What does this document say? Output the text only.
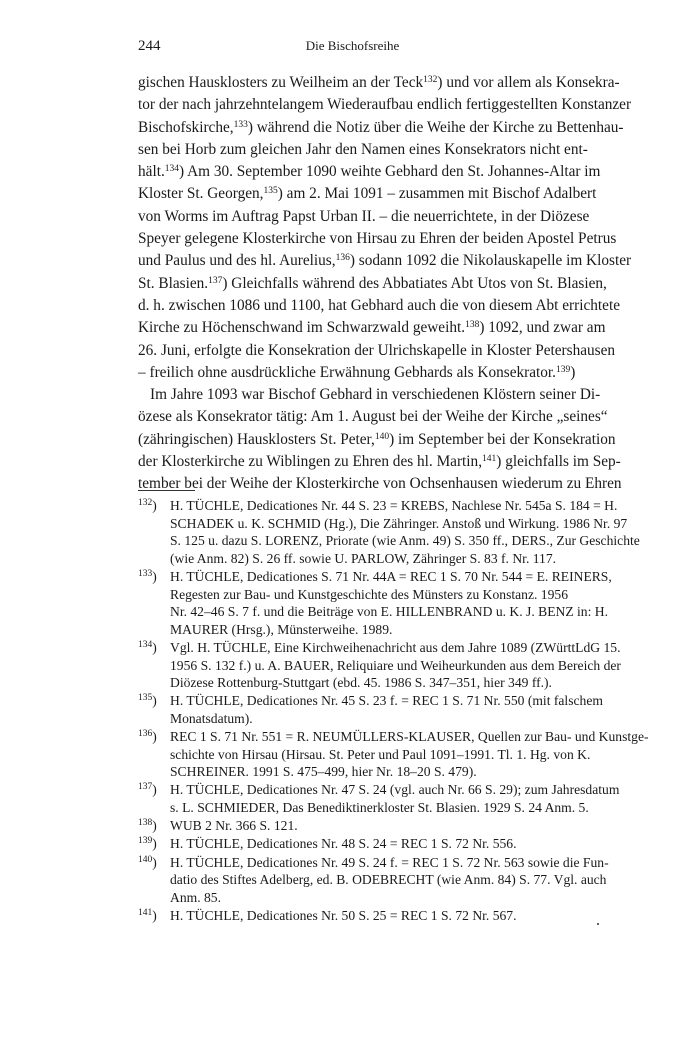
244	Die Bischofsreihe
gischen Hausklosters zu Weilheim an der Teck$^{132}$) und vor allem als Konsekra-
tor der nach jahrzehntelangem Wiederaufbau endlich fertiggestellten Konstanzer
Bischofskirche,$^{133}$) während die Notiz über die Weihe der Kirche zu Bettenhau-
sen bei Horb zum gleichen Jahr den Namen eines Konsekrators nicht ent-
hält.$^{134}$) Am 30. September 1090 weihte Gebhard den St. Johannes-Altar im
Kloster St. Georgen,$^{135}$) am 2. Mai 1091 – zusammen mit Bischof Adalbert
von Worms im Auftrag Papst Urban II. – die neuerrichtete, in der Diözese
Speyer gelegene Klosterkirche von Hirsau zu Ehren der beiden Apostel Petrus
und Paulus und des hl. Aurelius,$^{136}$) sodann 1092 die Nikolauskapelle im Kloster
St. Blasien.$^{137}$) Gleichfalls während des Abbatiates Abt Utos von St. Blasien,
d. h. zwischen 1086 und 1100, hat Gebhard auch die von diesem Abt errichtete
Kirche zu Höchenschwand im Schwarzwald geweiht.$^{138}$) 1092, und zwar am
26. Juni, erfolgte die Konsekration der Ulrichskapelle in Kloster Petershausen
– freilich ohne ausdrückliche Erwähnung Gebhards als Konsekrator.$^{139}$)
Im Jahre 1093 war Bischof Gebhard in verschiedenen Klöstern seiner Di-
özese als Konsekrator tätig: Am 1. August bei der Weihe der Kirche „seines“
(zähringischen) Hausklosters St. Peter,$^{140}$) im September bei der Konsekration
der Klosterkirche zu Wiblingen zu Ehren des hl. Martin,$^{141}$) gleichfalls im Sep-
tember bei der Weihe der Klosterkirche von Ochsenhausen wiederum zu Ehren
$^{132}$) H. TÜCHLE, Dedicationes Nr. 44 S. 23 = KREBS, Nachlese Nr. 545a S. 184 = H.
SCHADEK u. K. SCHMID (Hg.), Die Zähringer. Anstoß und Wirkung. 1986 Nr. 97
S. 125 u. dazu S. LORENZ, Priorate (wie Anm. 49) S. 350 ff., DERS., Zur Geschichte
(wie Anm. 82) S. 26 ff. sowie U. PARLOW, Zähringer S. 83 f. Nr. 117.
$^{133}$) H. TÜCHLE, Dedicationes S. 71 Nr. 44A = REC 1 S. 70 Nr. 544 = E. REINERS,
Regesten zur Bau- und Kunstgeschichte des Münsters zu Konstanz. 1956
Nr. 42–46 S. 7 f. und die Beiträge von E. HILLENBRAND u. K. J. BENZ in: H.
MAURER (Hrsg.), Münsterweihe. 1989.
$^{134}$) Vgl. H. TÜCHLE, Eine Kirchweihenachricht aus dem Jahre 1089 (ZWürttLdG 15.
1956 S. 132 f.) u. A. BAUER, Reliquiare und Weiheurkunden aus dem Bereich der
Diözese Rottenburg-Stuttgart (ebd. 45. 1986 S. 347–351, hier 349 ff.).
$^{135}$) H. TÜCHLE, Dedicationes Nr. 45 S. 23 f. = REC 1 S. 71 Nr. 550 (mit falschem
Monatsdatum).
$^{136}$) REC 1 S. 71 Nr. 551 = R. NEUMÜLLERS-KLAUSER, Quellen zur Bau- und Kunstge-
schichte von Hirsau (Hirsau. St. Peter und Paul 1091–1991. Tl. 1. Hg. von K.
SCHREINER. 1991 S. 475–499, hier Nr. 18–20 S. 479).
$^{137}$) H. TÜCHLE, Dedicationes Nr. 47 S. 24 (vgl. auch Nr. 66 S. 29); zum Jahresdatum
s. L. SCHMIEDER, Das Benediktinerkloster St. Blasien. 1929 S. 24 Anm. 5.
$^{138}$) WUB 2 Nr. 366 S. 121.
$^{139}$) H. TÜCHLE, Dedicationes Nr. 48 S. 24 = REC 1 S. 72 Nr. 556.
$^{140}$) H. TÜCHLE, Dedicationes Nr. 49 S. 24 f. = REC 1 S. 72 Nr. 563 sowie die Fun-
datio des Stiftes Adelberg, ed. B. ODEBRECHT (wie Anm. 84) S. 77. Vgl. auch
Anm. 85.
$^{141}$) H. TÜCHLE, Dedicationes Nr. 50 S. 25 = REC 1 S. 72 Nr. 567.
